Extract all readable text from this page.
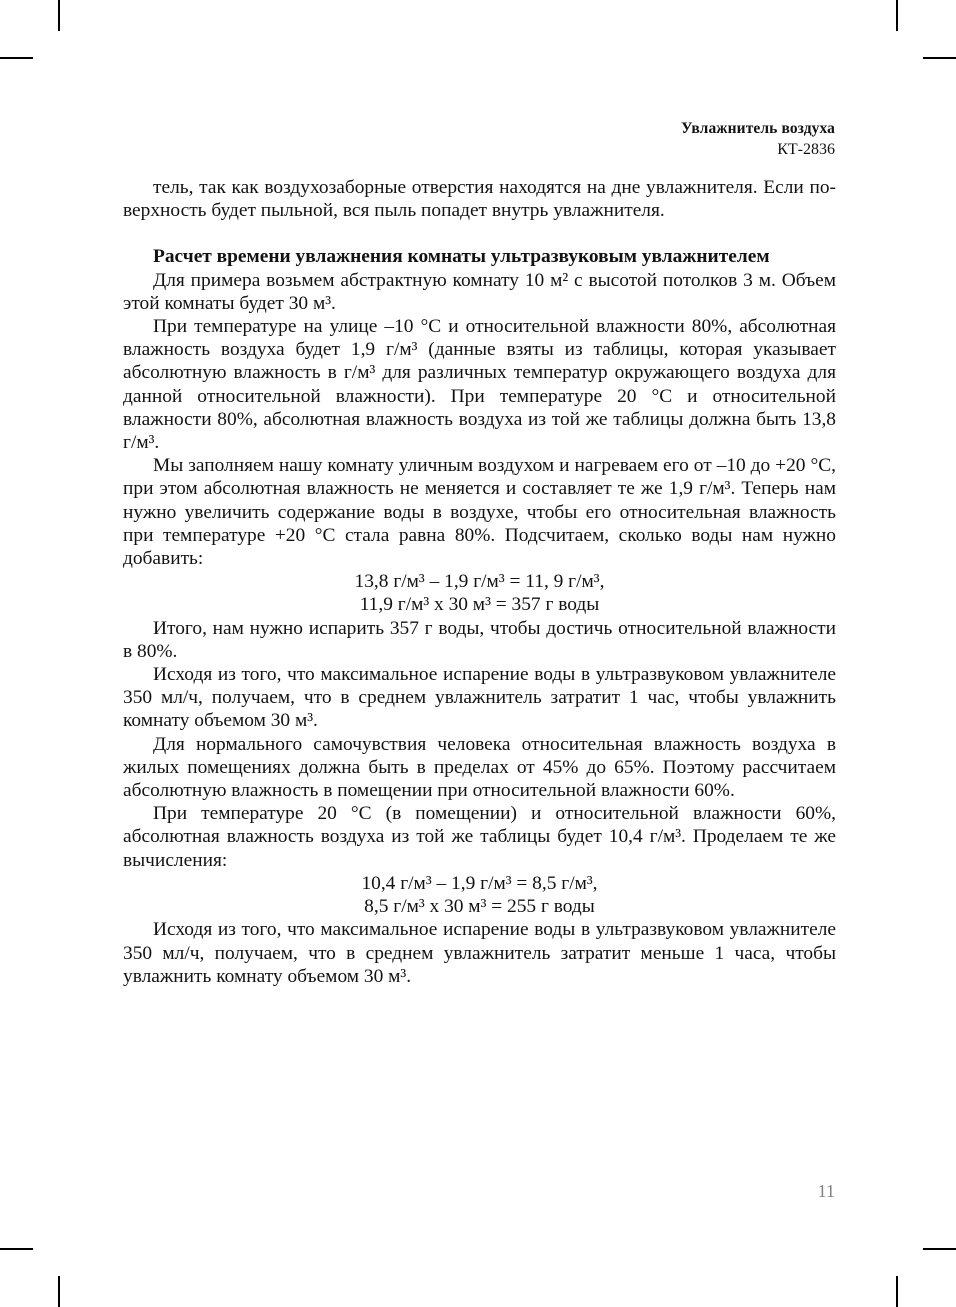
Увлажнитель воздуха
КТ-2836

тель, так как воздухозаборные отверстия находятся на дне увлажнителя. Если по-верхность будет пыльной, вся пыль попадет внутрь увлажнителя.

Расчет времени увлажнения комнаты ультразвуковым увлажнителем

Для примера возьмем абстрактную комнату 10 м² с высотой потолков 3 м. Объем этой комнаты будет 30 м³.

При температуре на улице –10 °C и относительной влажности 80%, абсолютная влажность воздуха будет 1,9 г/м³ (данные взяты из таблицы, которая указывает абсолютную влажность в г/м³ для различных температур окружающего воздуха для данной относительной влажности). При температуре 20 °C и относительной влажности 80%, абсолютная влажность воздуха из той же таблицы должна быть 13,8 г/м³.

Мы заполняем нашу комнату уличным воздухом и нагреваем его от –10 до +20 °C, при этом абсолютная влажность не меняется и составляет те же 1,9 г/м³. Теперь нам нужно увеличить содержание воды в воздухе, чтобы его относительная влажность при температуре +20 °C стала равна 80%. Подсчитаем, сколько воды нам нужно добавить:

13,8 г/м³ – 1,9 г/м³ = 11, 9 г/м³,

11,9 г/м³ х 30 м³ = 357 г воды

Итого, нам нужно испарить 357 г воды, чтобы достичь относительной влажности в 80%.

Исходя из того, что максимальное испарение воды в ультразвуковом увлажнителе 350 мл/ч, получаем, что в среднем увлажнитель затратит 1 час, чтобы увлажнить комнату объемом 30 м³.

Для нормального самочувствия человека относительная влажность воздуха в жилых помещениях должна быть в пределах от 45% до 65%. Поэтому рассчитаем абсолютную влажность в помещении при относительной влажности 60%.

При температуре 20 °C (в помещении) и относительной влажности 60%, абсолютная влажность воздуха из той же таблицы будет 10,4 г/м³. Проделаем те же вычисления:

10,4 г/м³ – 1,9 г/м³ = 8,5 г/м³,

8,5 г/м³ х 30 м³ = 255 г воды

Исходя из того, что максимальное испарение воды в ультразвуковом увлажнителе 350 мл/ч, получаем, что в среднем увлажнитель затратит меньше 1 часа, чтобы увлажнить комнату объемом 30 м³.

11
